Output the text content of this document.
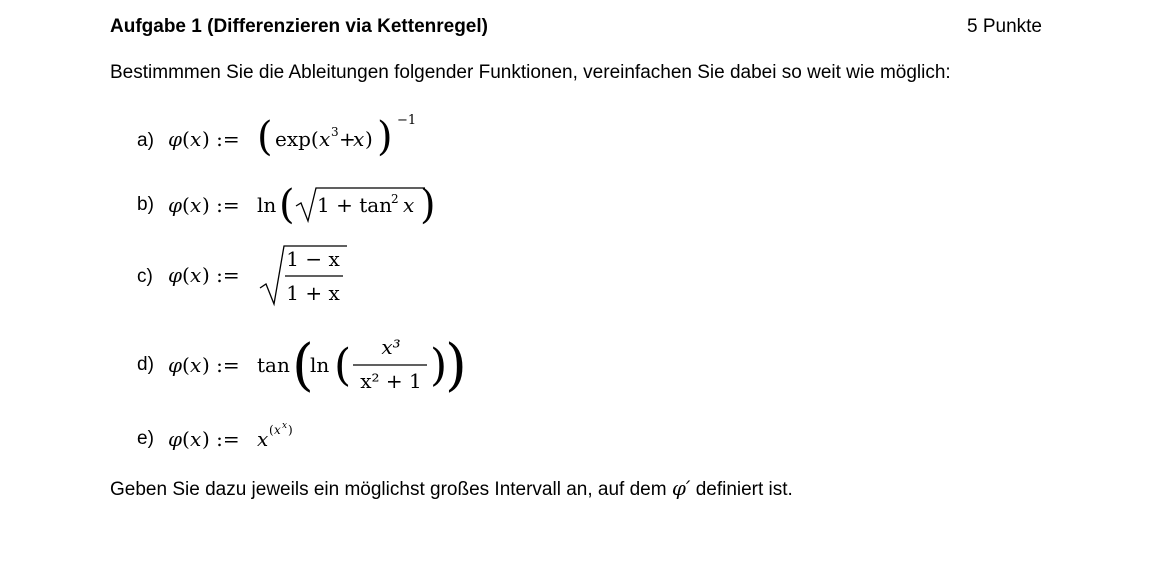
Aufgabe 1 (Differenzieren via Kettenregel)	5 Punkte
Bestimmmen Sie die Ableitungen folgender Funktionen, vereinfachen Sie dabei so weit wie möglich:
a) φ ( x ) := ( exp( x 3 +
x ) ) −1
b) φ ( x ) := ln ( 1 + tan
2 x )
c) φ ( x ) :=
1 − x
1 + x
d) φ ( x ) := tan (
ln ( x³
x² + 1 )
)
e) φ ( x ) := x ( x x )
Geben Sie dazu jeweils ein möglichst großes Intervall an, auf dem φ′ definiert ist.
